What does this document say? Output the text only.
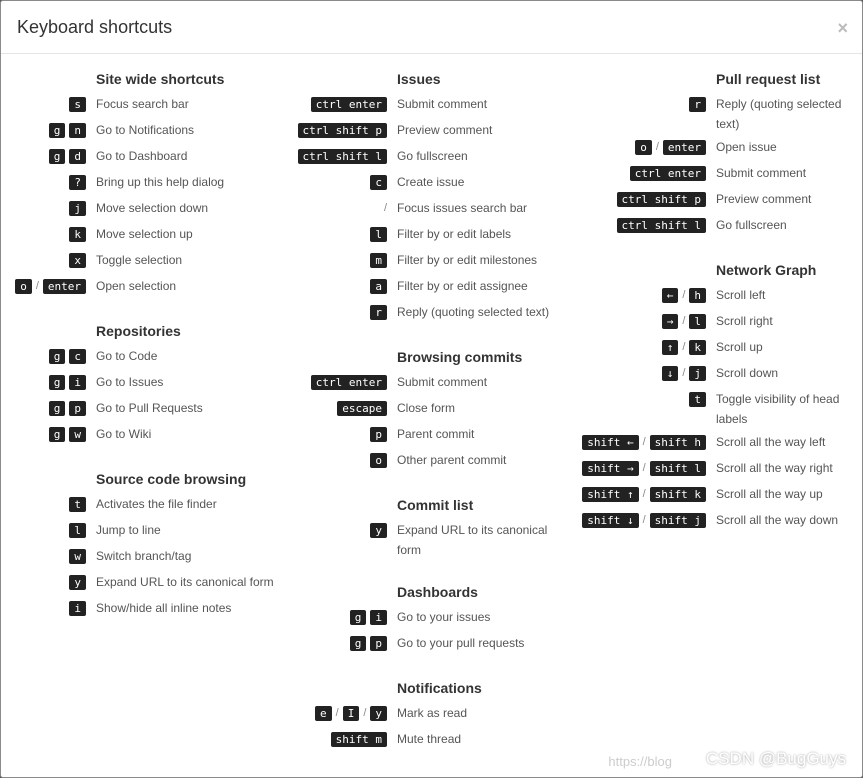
Keyboard shortcuts	×
Site wide shortcuts
s	Focus search bar
g	n	Go to Notifications
g	d	Go to Dashboard
?	Bring up this help dialog
j	Move selection down
k	Move selection up
x	Toggle selection
o / enter	Open selection
Repositories
g	c	Go to Code
g	i	Go to Issues
g	p	Go to Pull Requests
g	w	Go to Wiki
Source code browsing
t	Activates the file finder
l	Jump to line
w	Switch branch/tag
y	Expand URL to its canonical form
i	Show/hide all inline notes
Issues
ctrl enter	Submit comment
ctrl shift p	Preview comment
ctrl shift l	Go fullscreen
c	Create issue
/ Focus issues search bar
l	Filter by or edit labels
m	Filter by or edit milestones
a	Filter by or edit assignee
r	Reply (quoting selected text)
Browsing commits
ctrl enter	Submit comment
escape	Close form
p	Parent commit
o	Other parent commit
Commit list
y	Expand URL to its canonical form
Dashboards
g	i	Go to your issues
g	p	Go to your pull requests
Notifications
e / I / y	Mark as read
shift m	Mute thread
Pull request list
r	Reply (quoting selected text)
o / enter	Open issue
ctrl enter	Submit comment
ctrl shift p	Preview comment
ctrl shift l	Go fullscreen
Network Graph
← / h	Scroll left
→ / l	Scroll right
↑ / k	Scroll up
↓ / j	Scroll down
t	Toggle visibility of head labels
shift ← / shift h	Scroll all the way left
shift → / shift l	Scroll all the way right
shift ↑ / shift k	Scroll all the way up
shift ↓ / shift j	Scroll all the way down
https://blog CSDN @BugGuys
